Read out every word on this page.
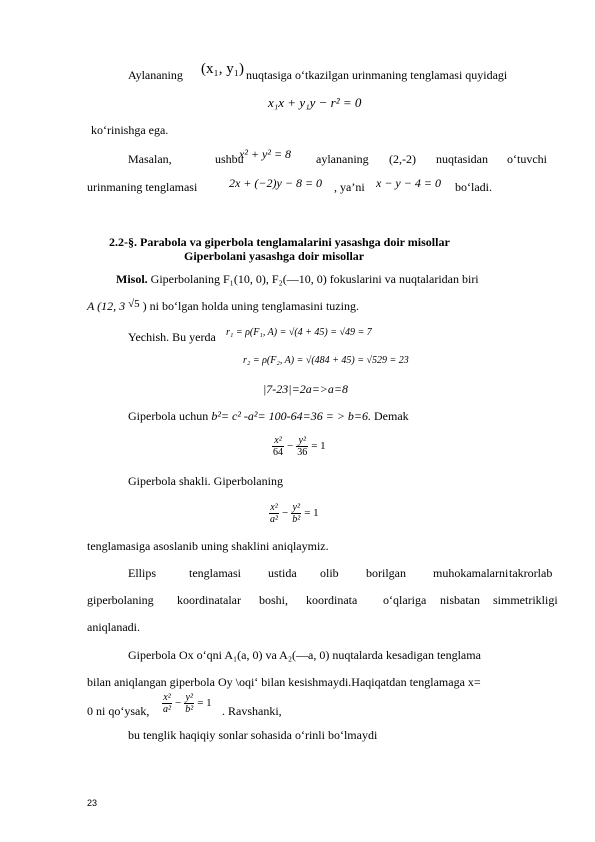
Aylananing (x₁, y₁) nuqtasiga o‘tkazilgan urinmaning tenglamasi quyidagi
x₁x + y₁y − r² = 0
ko‘rinishga ega.
Masalan,	ushbu
x² + y² = 8 aylananing (2,-2) nuqtasidan o‘tuvchi
urinmaning tenglamasi	2x + (−2)y − 8 = 0 , ya’ni x − y − 4 = 0 bo‘ladi.
2.2-§. Parabola va giperbola tenglamalarini yasashga doir misollar
Giperbolani yasashga doir misollar
Misol. Giperbolaning F₁(10, 0), F₂(—10, 0) fokuslarini va nuqtalaridan biri
A (12, 3 √5 ) ni bo‘lgan holda uning tenglamasini tuzing.
Yechish. Bu yerda r₁ = ρ(F₁, A) = √(4 + 45) = √49 = 7
r₂ = ρ(F₂, A) = √(484 + 45) = √529 = 23
|7-23|=2a=>a=8
Giperbola uchun b²= c² -a²= 100-64=36 = > b=6. Demak
$\frac{\text{x²}}{64} - \frac{\text{y²}}{36} = 1$
Giperbola shakli. Giperbolaning
$\frac{\text{x²}}{\text{a²}} - \frac{\text{y²}}{\text{b²}} = 1$
tenglamasiga asoslanib uning shaklini aniqlaymiz.
Ellips	tenglamasi ustida olib borilgan muhokamalarni takrorlab
giperbolaning koordinatalar boshi, koordinata o‘qlariga nisbatan simmetrikligi
aniqlanadi.
Giperbola Ox o‘qni A₁(a, 0) va A₂(—a, 0) nuqtalarda kesadigan tenglama
bilan aniqlangan giperbola Oy \oqi‘ bilan kesishmaydi.Haqiqatdan tenglamaga x=
0 ni qo‘ysak, $\frac{\text{x²}}{\text{a²}} - \frac{\text{y²}}{\text{b²}} = 1$
. Ravshanki,
bu tenglik haqiqiy sonlar sohasida o‘rinli bo‘lmaydi
23
